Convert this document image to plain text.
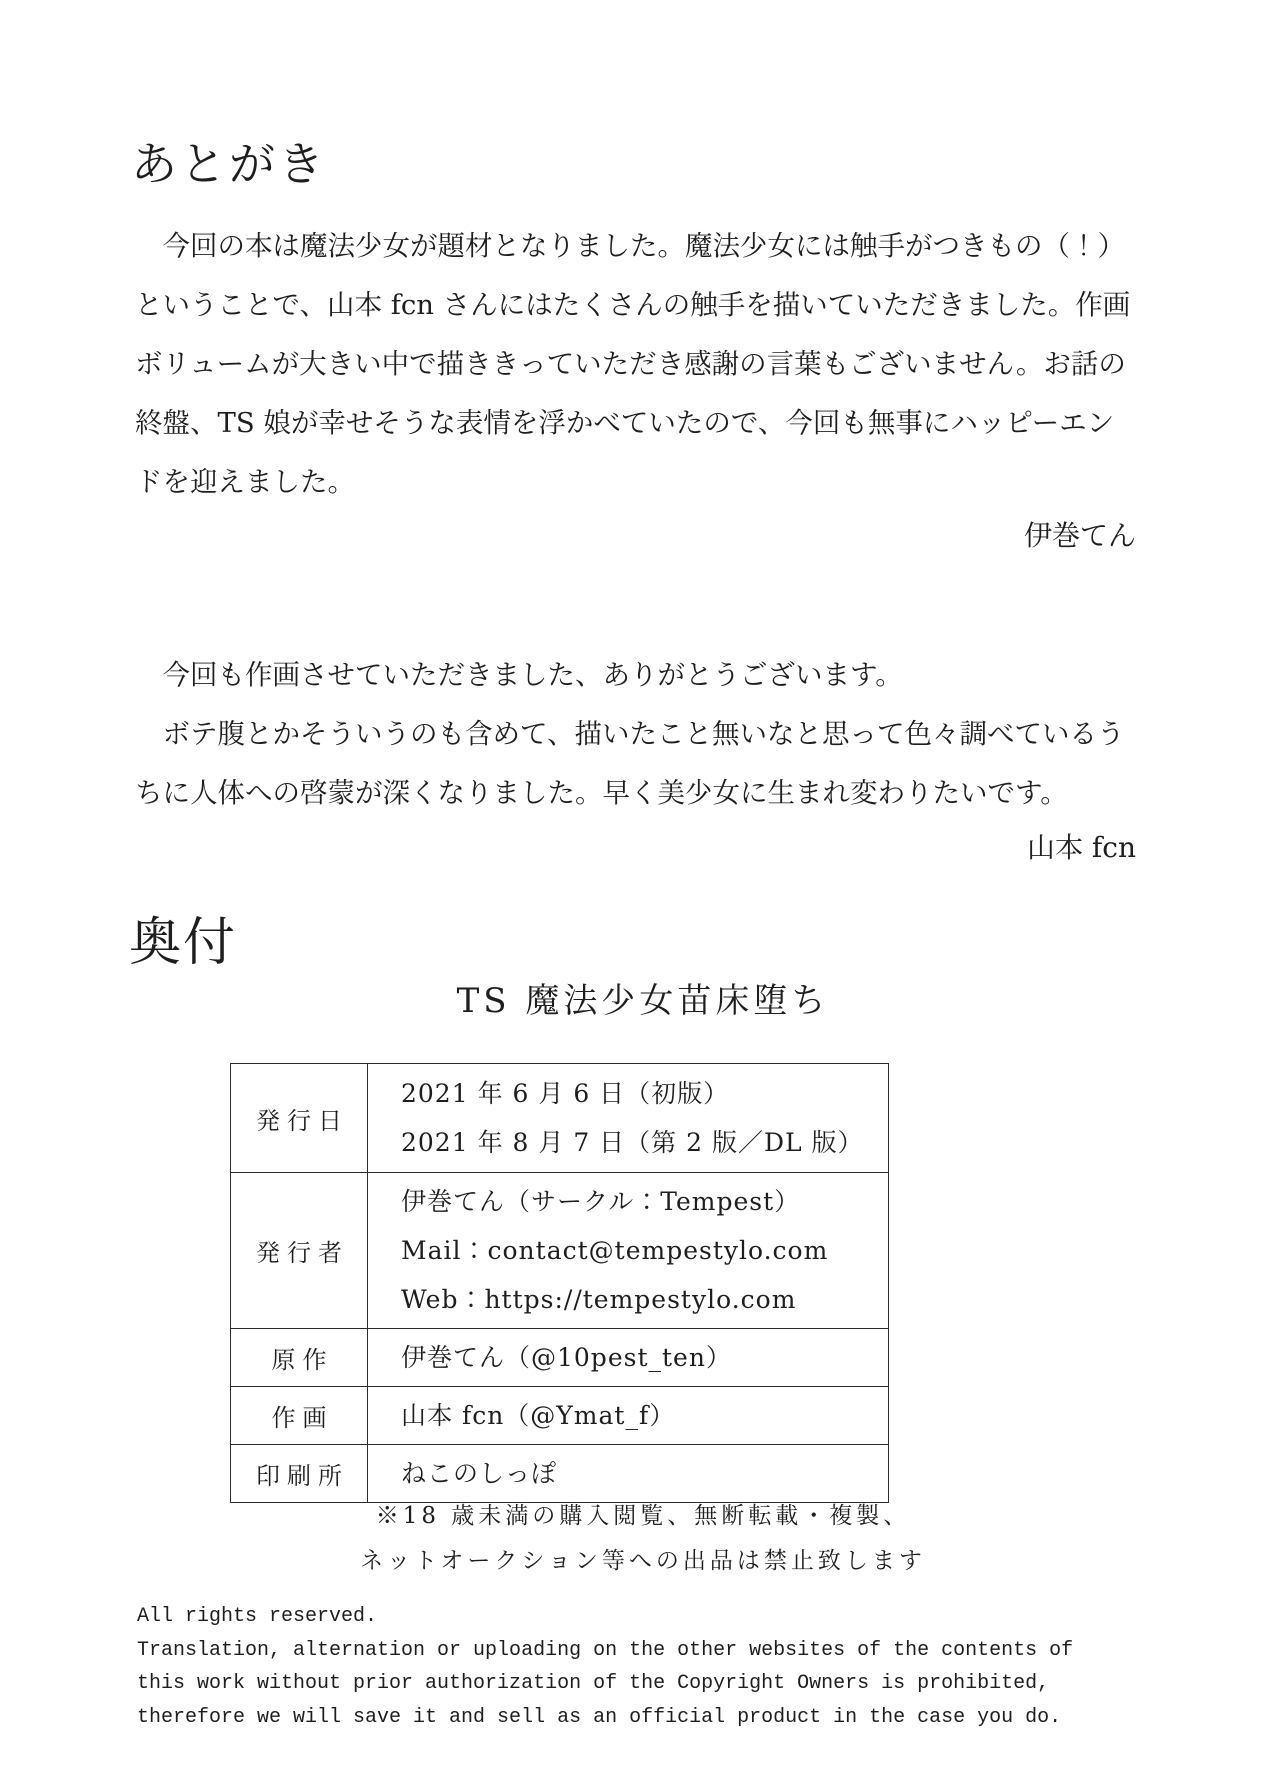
あとがき
今回の本は魔法少女が題材となりました。魔法少女には触手がつきもの（！）
ということで、山本 fcn さんにはたくさんの触手を描いていただきました。作画
ボリュームが大きい中で描ききっていただき感謝の言葉もございません。お話の
終盤、TS 娘が幸せそうな表情を浮かべていたので、今回も無事にハッピーエン
ドを迎えました。
伊巻てん
今回も作画させていただきました、ありがとうございます。
ボテ腹とかそういうのも含めて、描いたこと無いなと思って色々調べているう
ちに人体への啓蒙が深くなりました。早く美少女に生まれ変わりたいです。
山本 fcn
奥付
TS 魔法少女苗床堕ち
発行日	2021 年 6 月 6 日（初版）
2021 年 8 月 7 日（第 2 版／DL 版）

発行者	伊巻てん（サークル：Tempest）
Mail：contact@tempestylo.com
Web：https://tempestylo.com

原作	伊巻てん（@10pest_ten）

作画	山本 fcn（@Ymat_f）

印刷所	ねこのしっぽ
※18 歳未満の購入閲覧、無断転載・複製、
ネットオークション等への出品は禁止致します
All rights reserved.
Translation, alternation or uploading on the other websites of the contents of
this work without prior authorization of the Copyright Owners is prohibited,
therefore we will save it and sell as an official product in the case you do.
